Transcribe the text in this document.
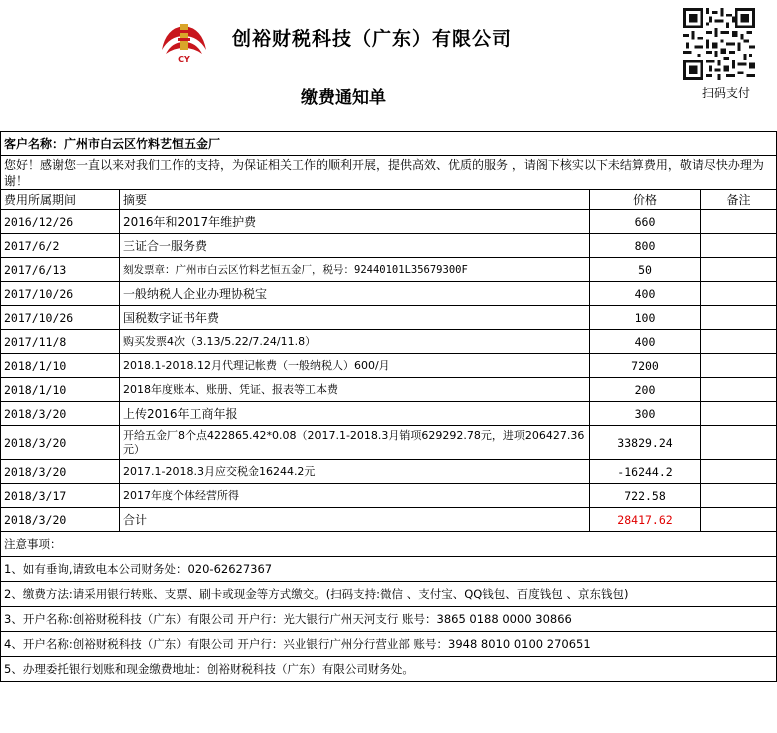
CY
创裕财税科技（广东）有限公司
缴费通知单	扫码支付
客户名称：广州市白云区竹料艺恒五金厂			
您好！感谢您一直以来对我们工作的支持，为保证相关工作的顺利开展，提供高效、优质的服务 ，请阁下核实以下未结算费用，敬请尽快办理为谢！			
费用所属期间	摘要	价格	备注
2016/12/26	2016年和2017年维护费	660	
2017/6/2	三证合一服务费	800	
2017/6/13	刻发票章：广州市白云区竹料艺恒五金厂，税号：92440101L35679300F	50	
2017/10/26	一般纳税人企业办理协税宝	400	
2017/10/26	国税数字证书年费	100	
2017/11/8	购买发票4次（3.13/5.22/7.24/11.8）	400	
2018/1/10	2018.1-2018.12月代理记帐费（一般纳税人）600/月	7200	
2018/1/10	2018年度账本、账册、凭证、报表等工本费	200	
2018/3/20	上传2016年工商年报	300	
2018/3/20	开给五金厂8个点422865.42*0.08（2017.1-2018.3月销项629292.78元，进项206427.36元）	33829.24	
2018/3/20	2017.1-2018.3月应交税金16244.2元	-16244.2	
2018/3/17	2017年度个体经营所得	722.58	
2018/3/20	合计	28417.62	
注意事项：			
1、如有垂询,请致电本公司财务处：020-62627367			
2、缴费方法:请采用银行转账、支票、刷卡或现金等方式缴交。(扫码支持:微信 、支付宝、QQ钱包、百度钱包 、京东钱包)			
3、开户名称:创裕财税科技（广东）有限公司 开户行：光大银行广州天河支行 账号：3865 0188 0000 30866			
4、开户名称:创裕财税科技（广东）有限公司 开户行：兴业银行广州分行营业部 账号：3948 8010 0100 270651			
5、办理委托银行划账和现金缴费地址：创裕财税科技（广东）有限公司财务处。			
